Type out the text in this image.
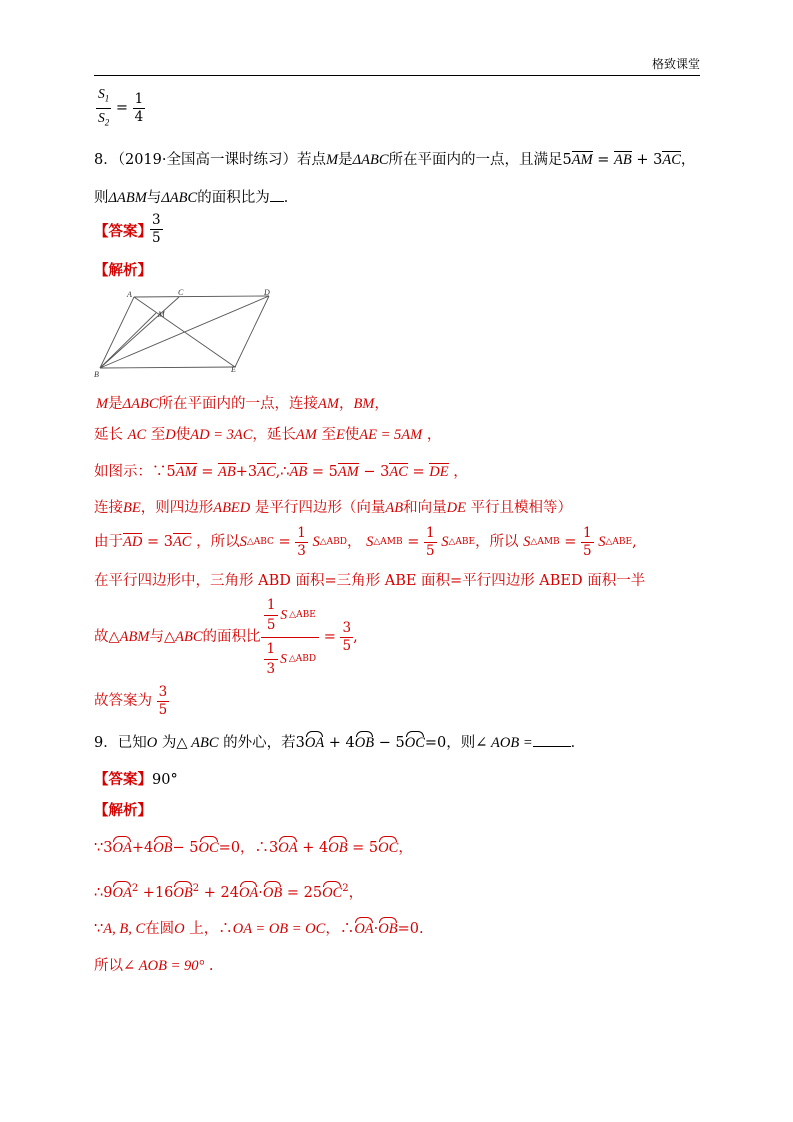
格致课堂
$\frac{S_1}{S_2} = \frac{1}{4}$
8．（2019·全国高一课时练习）若点M是ΔABC所在平面内的一点，且满足5AM = AB + 3AC，
则ΔABM与ΔABC的面积比为 ．
【答案】
$\frac{3}{5}$
【解析】
A	C	D
M
B
E
M是ΔABC所在平面内的一点，连接AM，BM，
延长 AC 至D使AD = 3AC，延长AM 至E使AE = 5AM ，
如图示：∵5AM = AB+3AC,∴AB = 5AM − 3AC = DE ，
连接BE，则四边形ABED 是平行四边形（向量AB和向量DE 平行且模相等）
由于 AD
= 3 AC
，所以 S △ABC
=
$\frac{1}{3}$
S △ABD ，
S △AMB
=
$\frac{1}{5}$
S △ABE ，所以
S △AMB
=
$\frac{1}{5}$
S △ABE ,
在平行四边形中，三角形 ABD 面积=三角形 ABE 面积=平行四边形 ABED 面积一半
故 △ABM 与 △ABC 的面积比 $\frac{\frac{1}{5} S \triangle ABE}{\frac{1}{3} S \triangle ABD}$
=
$\frac{3}{5}$ ,
故答案为
$\frac{3}{5}$
9．已知O 为△ ABC 的外心，若3OA + 4OB − 5OC=0，则∠ AOB =	．
【答案】90°
【解析】
∵3OA+4OB− 5OC=0，∴3OA + 4OB = 5OC，
$\therefore 9OA^2 +16OB^2 + 24OA\cdot OB = 25OC^2$，
∵A, B, C在圆O 上，∴OA = OB = OC，∴OA·OB=0.
所以∠ AOB = 90° .
